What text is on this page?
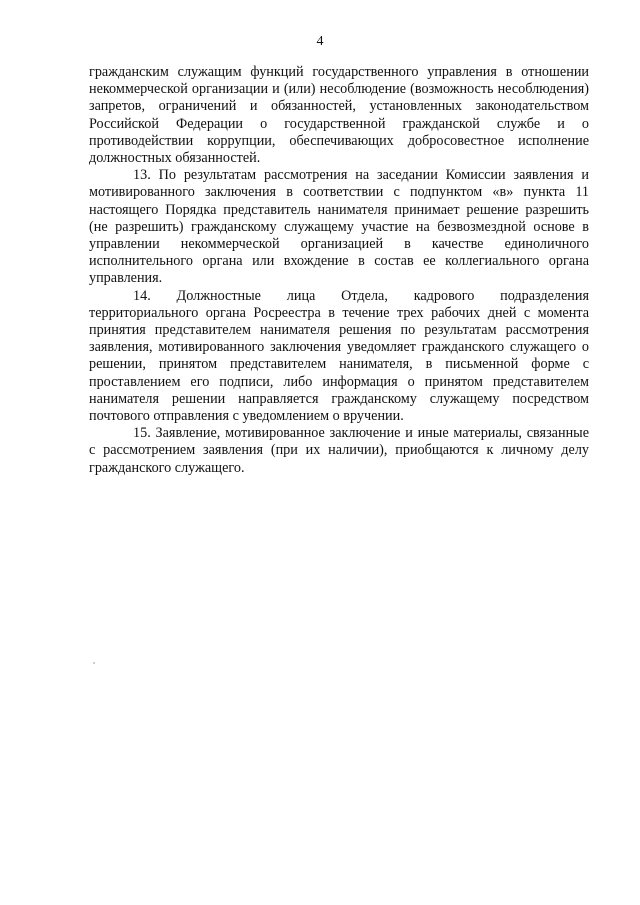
4

гражданским служащим функций государственного управления в отношении некоммерческой организации и (или) несоблюдение (возможность несоблюдения) запретов, ограничений и обязанностей, установленных законодательством Российской Федерации о государственной гражданской службе и о противодействии коррупции, обеспечивающих добросовестное исполнение должностных обязанностей.

13. По результатам рассмотрения на заседании Комиссии заявления и мотивированного заключения в соответствии с подпунктом «в» пункта 11 настоящего Порядка представитель нанимателя принимает решение разрешить (не разрешить) гражданскому служащему участие на безвозмездной основе в управлении некоммерческой организацией в качестве единоличного исполнительного органа или вхождение в состав ее коллегиального органа управления.

14. Должностные лица Отдела, кадрового подразделения территориального органа Росреестра в течение трех рабочих дней с момента принятия представителем нанимателя решения по результатам рассмотрения заявления, мотивированного заключения уведомляет гражданского служащего о решении, принятом представителем нанимателя, в письменной форме с проставлением его подписи, либо информация о принятом представителем нанимателя решении направляется гражданскому служащему посредством почтового отправления с уведомлением о вручении.

15. Заявление, мотивированное заключение и иные материалы, связанные с рассмотрением заявления (при их наличии), приобщаются к личному делу гражданского служащего.
